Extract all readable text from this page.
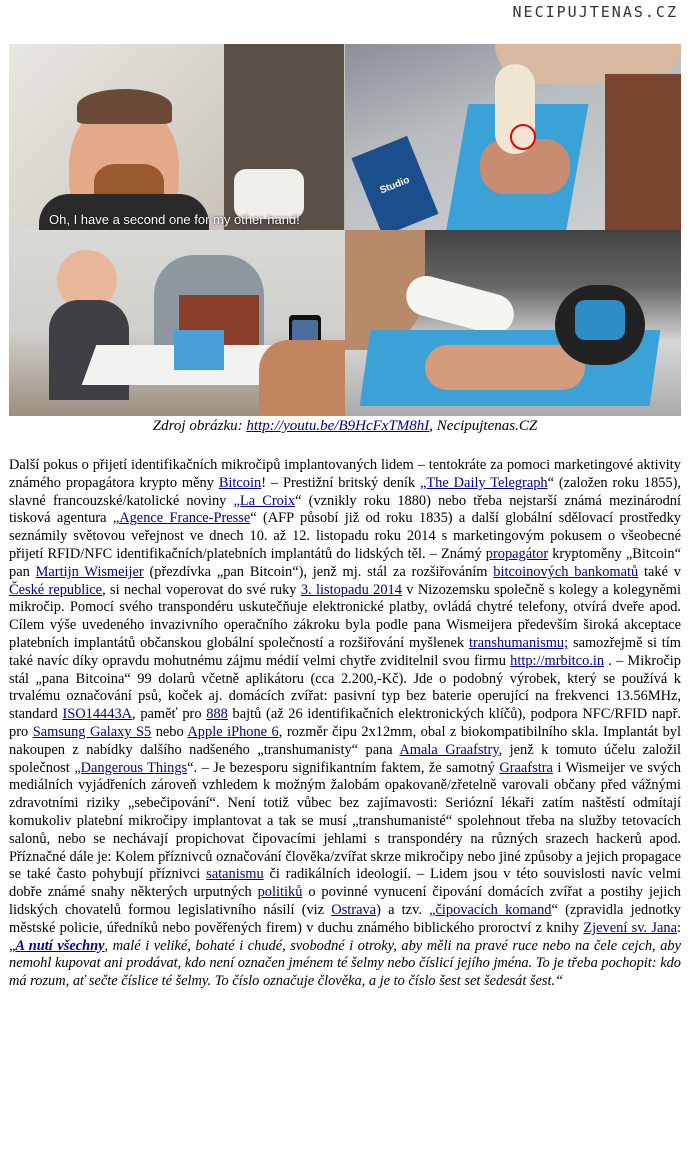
NECIPUJTENAS.CZ
Oh, I have a second one for my other hand!
Studio
Zdroj obrázku: http://youtu.be/B9HcFxTM8hI, Necipujtenas.CZ

Další pokus o přijetí identifikačních mikročipů implantovaných lidem – tentokráte za pomoci marketingové aktivity známého propagátora krypto měny Bitcoin! – Prestižní britský deník „The Daily Telegraph“ (založen roku 1855), slavné francouzské/katolické noviny „La Croix“ (vznikly roku 1880) nebo třeba nejstarší známá mezinárodní tisková agentura „Agence France-Presse“ (AFP působí již od roku 1835) a další globální sdělovací prostředky seznámily světovou veřejnost ve dnech 10. až 12. listopadu roku 2014 s marketingovým pokusem o všeobecné přijetí RFID/NFC identifikačních/platebních implantátů do lidských těl. – Známý propagátor kryptoměny „Bitcoin“ pan Martijn Wismeijer (přezdívka „pan Bitcoin“), jenž mj. stál za rozšiřováním bitcoinových bankomatů také v České republice, si nechal voperovat do své ruky 3. listopadu 2014 v Nizozemsku společně s kolegy a kolegyněmi mikročip. Pomocí svého transpondéru uskutečňuje elektronické platby, ovládá chytré telefony, otvírá dveře apod. Cílem výše uvedeného invazivního operačního zákroku byla podle pana Wismeijera především široká akceptace platebních implantátů občanskou globální společností a rozšiřování myšlenek transhumanismu; samozřejmě si tím také navíc díky opravdu mohutnému zájmu médií velmi chytře zviditelnil svou firmu http://mrbitco.in . – Mikročip stál „pana Bitcoina“ 99 dolarů včetně aplikátoru (cca 2.200,-Kč). Jde o podobný výrobek, který se používá k trvalému označování psů, koček aj. domácích zvířat: pasivní typ bez baterie operující na frekvenci 13.56MHz, standard ISO14443A, paměť pro 888 bajtů (až 26 identifikačních elektronických klíčů), podpora NFC/RFID např. pro Samsung Galaxy S5 nebo Apple iPhone 6, rozměr čipu 2x12mm, obal z biokompatibilního skla. Implantát byl nakoupen z nabídky dalšího nadšeného „transhumanisty“ pana Amala Graafstry, jenž k tomuto účelu založil společnost „Dangerous Things“. – Je bezesporu signifikantním faktem, že samotný Graafstra i Wismeijer ve svých mediálních vyjádřeních zároveň vzhledem k možným žalobám opakovaně/zřetelně varovali občany před vážnými zdravotními riziky „sebečipování“. Není totiž vůbec bez zajímavosti: Seriózní lékaři zatím naštěstí odmítají komukoliv platební mikročipy implantovat a tak se musí „transhumanisté“ spolehnout třeba na služby tetovacích salonů, nebo se nechávají propichovat čipovacími jehlami s transpondéry na různých srazech hackerů apod. Příznačné dále je: Kolem příznivců označování člověka/zvířat skrze mikročipy nebo jiné způsoby a jejich propagace se také často pohybují příznivci satanismu či radikálních ideologií. – Lidem jsou v této souvislosti navíc velmi dobře známé snahy některých urputných politiků o povinné vynucení čipování domácích zvířat a postihy jejich lidských chovatelů formou legislativního násilí (viz Ostrava) a tzv. „čipovacích komand“ (zpravidla jednotky městské policie, úředníků nebo pověřených firem) v duchu známého biblického proroctví z knihy Zjevení sv. Jana: „A nutí všechny, malé i veliké, bohaté i chudé, svobodné i otroky, aby měli na pravé ruce nebo na čele cejch, aby nemohl kupovat ani prodávat, kdo není označen jménem té šelmy nebo číslicí jejího jména. To je třeba pochopit: kdo má rozum, ať sečte číslice té šelmy. To číslo označuje člověka, a je to číslo šest set šedesát šest.“
